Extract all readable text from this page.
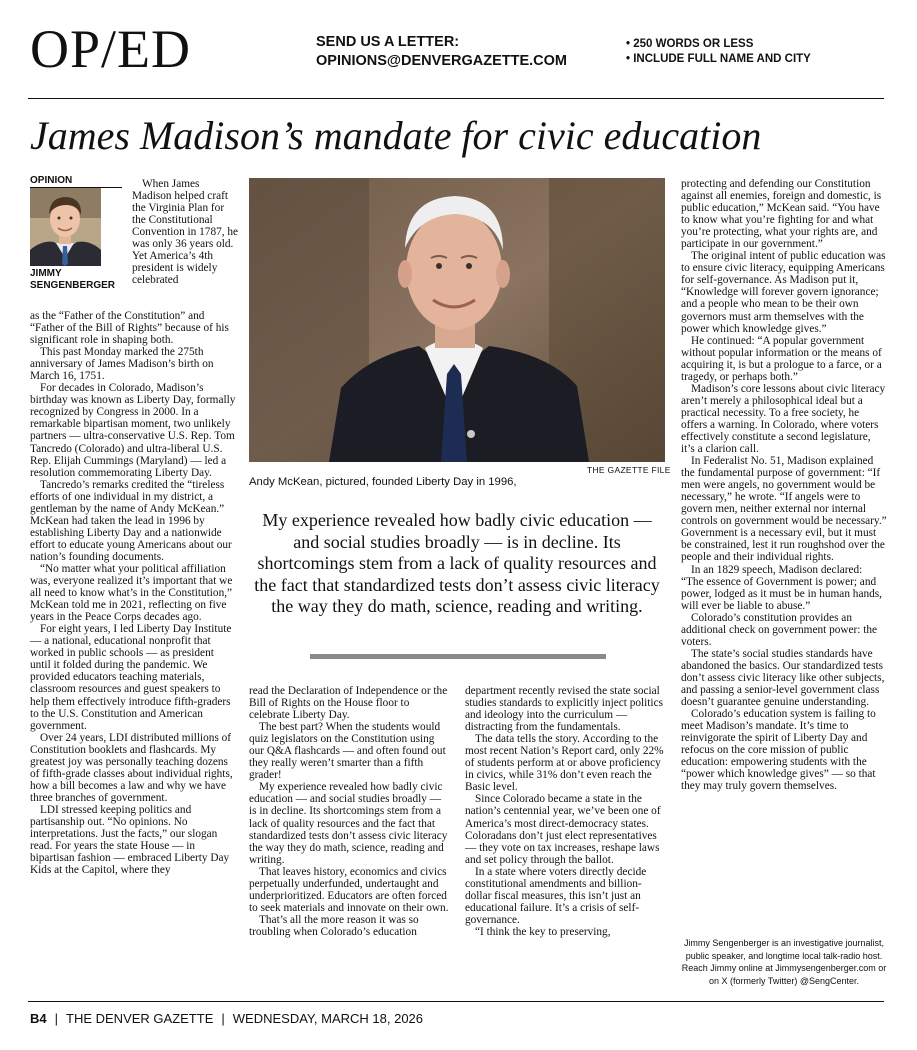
OP/ED	SEND US A LETTER:
OPINIONS@DENVERGAZETTE.COM
• 250 WORDS OR LESS
• INCLUDE FULL NAME AND CITY
James Madison’s mandate for civic education
OPINION
JIMMY
SENGENBERGER

When James Madison helped craft the Virginia Plan for the Constitutional Convention in 1787, he was only 36 years old. Yet America’s 4th president is widely celebrated

as the “Father of the Constitution” and “Father of the Bill of Rights” because of his significant role in shaping both.

This past Monday marked the 275th anniversary of James Madison’s birth on March 16, 1751.

For decades in Colorado, Madison’s birthday was known as Liberty Day, formally recognized by Congress in 2000. In a remarkable bipartisan moment, two unlikely partners — ultra-conservative U.S. Rep. Tom Tancredo (Colorado) and ultra-liberal U.S. Rep. Elijah Cummings (Maryland) — led a resolution commemorating Liberty Day.

Tancredo’s remarks credited the “tireless efforts of one individual in my district, a gentleman by the name of Andy McKean.” McKean had taken the lead in 1996 by establishing Liberty Day and a nationwide effort to educate young Americans about our nation’s founding documents.

“No matter what your political affiliation was, everyone realized it’s important that we all need to know what’s in the Constitution,” McKean told me in 2021, reflecting on five years in the Peace Corps decades ago.

For eight years, I led Liberty Day Institute — a national, educational nonprofit that worked in public schools — as president until it folded during the pandemic. We provided educators teaching materials, classroom resources and guest speakers to help them effectively introduce fifth-graders to the U.S. Constitution and American government.

Over 24 years, LDI distributed millions of Constitution booklets and flashcards. My greatest joy was personally teaching dozens of fifth-grade classes about individual rights, how a bill becomes a law and why we have three branches of government.

LDI stressed keeping politics and partisanship out. “No opinions. No interpretations. Just the facts,” our slogan read. For years the state House — in bipartisan fashion — embraced Liberty Day Kids at the Capitol, where they

THE GAZETTE FILE
Andy McKean, pictured, founded Liberty Day in 1996,
My experience revealed how badly civic education — and social studies broadly — is in decline. Its shortcomings stem from a lack of quality resources and the fact that standardized tests don’t assess civic literacy the way they do math, science, reading and writing.

read the Declaration of Independence or the Bill of Rights on the House floor to celebrate Liberty Day.

The best part? When the students would quiz legislators on the Constitution using our Q&A flashcards — and often found out they really weren’t smarter than a fifth grader!

My experience revealed how badly civic education — and social studies broadly — is in decline. Its shortcomings stem from a lack of quality resources and the fact that standardized tests don’t assess civic literacy the way they do math, science, reading and writing.

That leaves history, economics and civics perpetually underfunded, undertaught and underprioritized. Educators are often forced to seek materials and innovate on their own.

That’s all the more reason it was so troubling when Colorado’s education

department recently revised the state social studies standards to explicitly inject politics and ideology into the curriculum — distracting from the fundamentals.

The data tells the story. According to the most recent Nation’s Report card, only 22% of students perform at or above proficiency in civics, while 31% don’t even reach the Basic level.

Since Colorado became a state in the nation’s centennial year, we’ve been one of America’s most direct-democracy states. Coloradans don’t just elect representatives — they vote on tax increases, reshape laws and set policy through the ballot.

In a state where voters directly decide constitutional amendments and billion-dollar fiscal measures, this isn’t just an educational failure. It’s a crisis of self-governance.

“I think the key to preserving,

protecting and defending our Constitution against all enemies, foreign and domestic, is public education,” McKean said. “You have to know what you’re fighting for and what you’re protecting, what your rights are, and participate in our government.”

The original intent of public education was to ensure civic literacy, equipping Americans for self-governance. As Madison put it, “Knowledge will forever govern ignorance; and a people who mean to be their own governors must arm themselves with the power which knowledge gives.”

He continued: “A popular government without popular information or the means of acquiring it, is but a prologue to a farce, or a tragedy, or perhaps both.”

Madison’s core lessons about civic literacy aren’t merely a philosophical ideal but a practical necessity. To a free society, he offers a warning. In Colorado, where voters effectively constitute a second legislature, it’s a clarion call.

In Federalist No. 51, Madison explained the fundamental purpose of government: “If men were angels, no government would be necessary,” he wrote. “If angels were to govern men, neither external nor internal controls on government would be necessary.” Government is a necessary evil, but it must be constrained, lest it run roughshod over the people and their individual rights.

In an 1829 speech, Madison declared: “The essence of Government is power; and power, lodged as it must be in human hands, will ever be liable to abuse.”

Colorado’s constitution provides an additional check on government power: the voters.

The state’s social studies standards have abandoned the basics. Our standardized tests don’t assess civic literacy like other subjects, and passing a senior-level government class doesn’t guarantee genuine understanding.

Colorado’s education system is failing to meet Madison’s mandate. It’s time to reinvigorate the spirit of Liberty Day and refocus on the core mission of public education: empowering students with the “power which knowledge gives” — so that they may truly govern themselves.

Jimmy Sengenberger is an investigative journalist, public speaker, and longtime local talk-radio host. Reach Jimmy online at Jimmysengenberger.com or on X (formerly Twitter) @SengCenter.
B4 | THE DENVER GAZETTE | WEDNESDAY, MARCH 18, 2026
